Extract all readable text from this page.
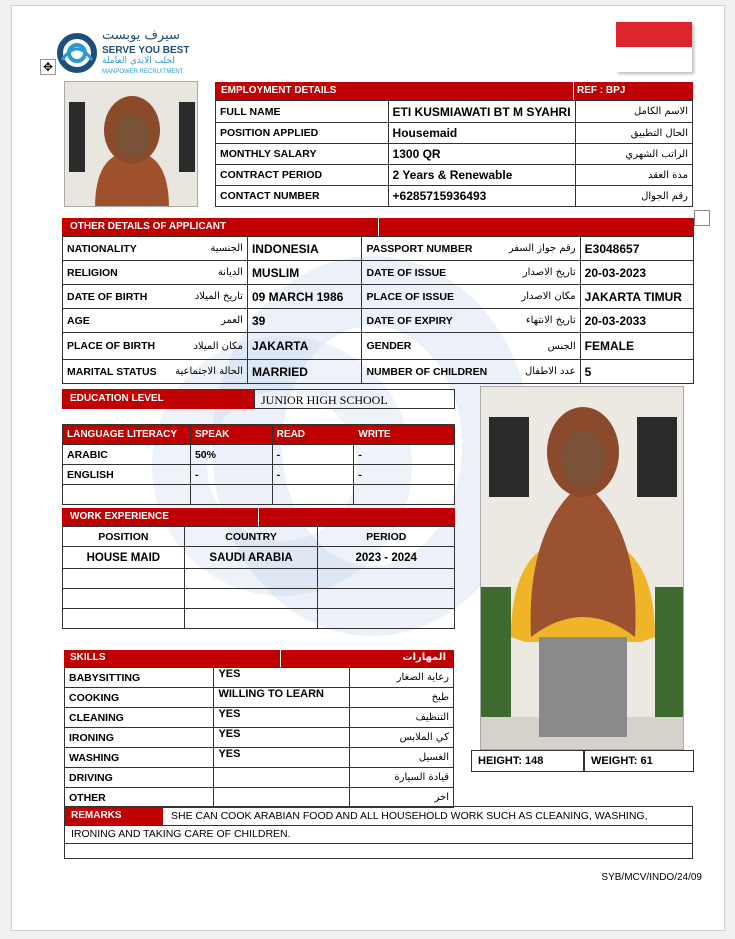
سيرف يوبست
SERVE YOU BEST
لجلب الايدي العاملة
MANPOWER RECRUITMENT
✥
EMPLOYMENT DETAILS	REF : BPJ
FULL NAME	ETI KUSMIAWATI BT M SYAHRI	الاسم الكامل
POSITION APPLIED	Housemaid	الحال التطبيق
MONTHLY SALARY	1300 QR	الراتب الشهري
CONTRACT PERIOD	2 Years & Renewable	مدة العقد
CONTACT NUMBER	+6285715936493	رقم الجوال
OTHER DETAILS OF APPLICANT
NATIONALITY	الجنسية	INDONESIA	PASSPORT NUMBER	رقم جواز السفر	E3048657
RELIGION	الديانة	MUSLIM	DATE OF ISSUE	تاريخ الاصدار	20-03-2023
DATE OF BIRTH	تاريخ الميلاد	09 MARCH 1986	PLACE OF ISSUE	مكان الاصدار	JAKARTA TIMUR
AGE	العمر	39	DATE OF EXPIRY	تاريخ الانتهاء	20-03-2033
PLACE OF BIRTH	مكان الميلاد	JAKARTA	GENDER	الجنس	FEMALE
MARITAL STATUS	الحالة الاجتماعية	MARRIED	NUMBER OF CHILDREN	عدد الاطفال	5
EDUCATION LEVEL	JUNIOR HIGH SCHOOL
LANGUAGE LITERACY	SPEAK	READ	WRITE
ARABIC	50%	-	-
ENGLISH	-	-	-

WORK EXPERIENCE
POSITION	COUNTRY	PERIOD
HOUSE MAID	SAUDI ARABIA	2023 - 2024

HEIGHT: 148	WEIGHT: 61
SKILLS	المهارات
BABYSITTING	YES	رعاية الصغار
COOKING	WILLING TO LEARN	طبخ
CLEANING	YES	التنظيف
IRONING	YES	كي الملابس
WASHING	YES	الغسيل
DRIVING		قيادة السيارة
OTHER		اخر
REMARKS	SHE CAN COOK ARABIAN FOOD AND ALL HOUSEHOLD WORK SUCH AS CLEANING, WASHING,
IRONING AND TAKING CARE OF CHILDREN.
SYB/MCV/INDO/24/09
